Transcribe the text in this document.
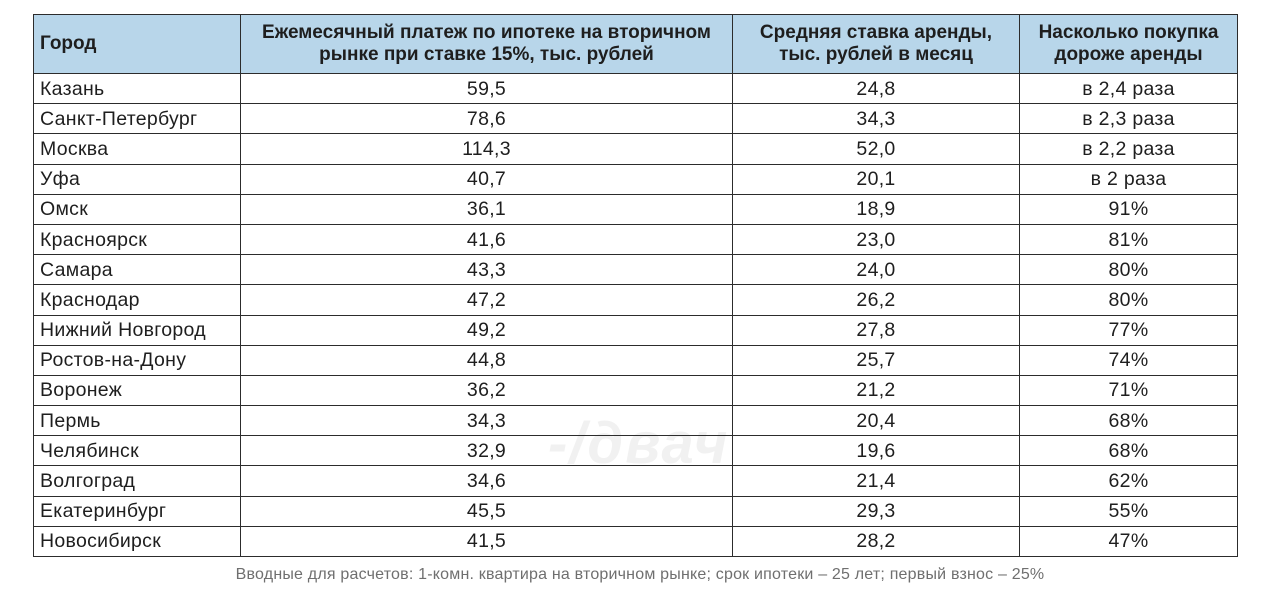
-/двач
Город	Ежемесячный платеж по ипотеке на вторичном рынке при ставке 15%, тыс. рублей	Средняя ставка аренды, тыс. рублей в месяц	Насколько покупка дороже аренды
Казань	59,5	24,8	в 2,4 раза
Санкт-Петербург	78,6	34,3	в 2,3 раза
Москва	114,3	52,0	в 2,2 раза
Уфа	40,7	20,1	в 2 раза
Омск	36,1	18,9	91%
Красноярск	41,6	23,0	81%
Самара	43,3	24,0	80%
Краснодар	47,2	26,2	80%
Нижний Новгород	49,2	27,8	77%
Ростов-на-Дону	44,8	25,7	74%
Воронеж	36,2	21,2	71%
Пермь	34,3	20,4	68%
Челябинск	32,9	19,6	68%
Волгоград	34,6	21,4	62%
Екатеринбург	45,5	29,3	55%
Новосибирск	41,5	28,2	47%
Вводные для расчетов: 1-комн. квартира на вторичном рынке; срок ипотеки – 25 лет; первый взнос – 25%
